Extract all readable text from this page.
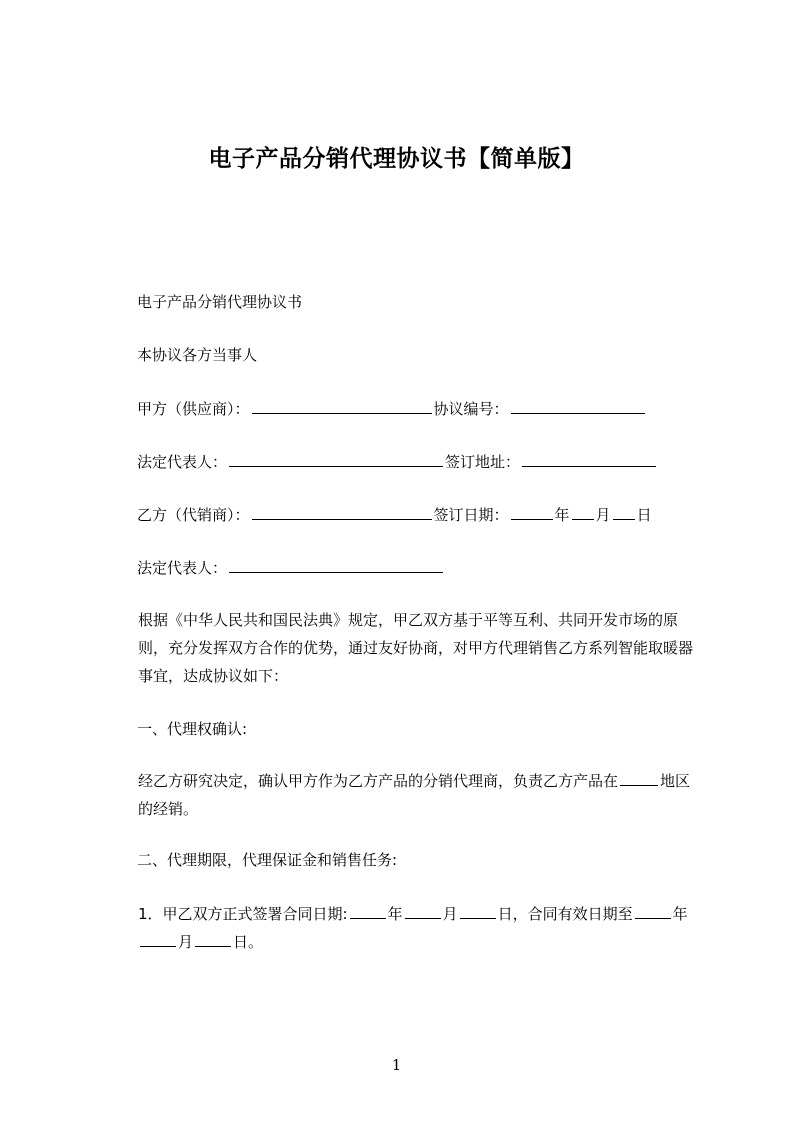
电子产品分销代理协议书【简单版】
电子产品分销代理协议书
本协议各方当事人
甲方（供应商）：	协议编号：
法定代表人：	签订地址：
乙方（代销商）：	签订日期：	年 月 日
法定代表人：
根据《中华人民共和国民法典》规定，甲乙双方基于平等互利、共同开发市场的原则，充分发挥双方合作的优势，通过友好协商，对甲方代理销售乙方系列智能取暖器事宜，达成协议如下：
一、代理权确认:
经乙方研究决定，确认甲方作为乙方产品的分销代理商，负责乙方产品在	地区的经销。
二、代理期限，代理保证金和销售任务:
1．甲乙双方正式签署合同日期:	年	月	日，合同有效日期至	年月	日。
1
